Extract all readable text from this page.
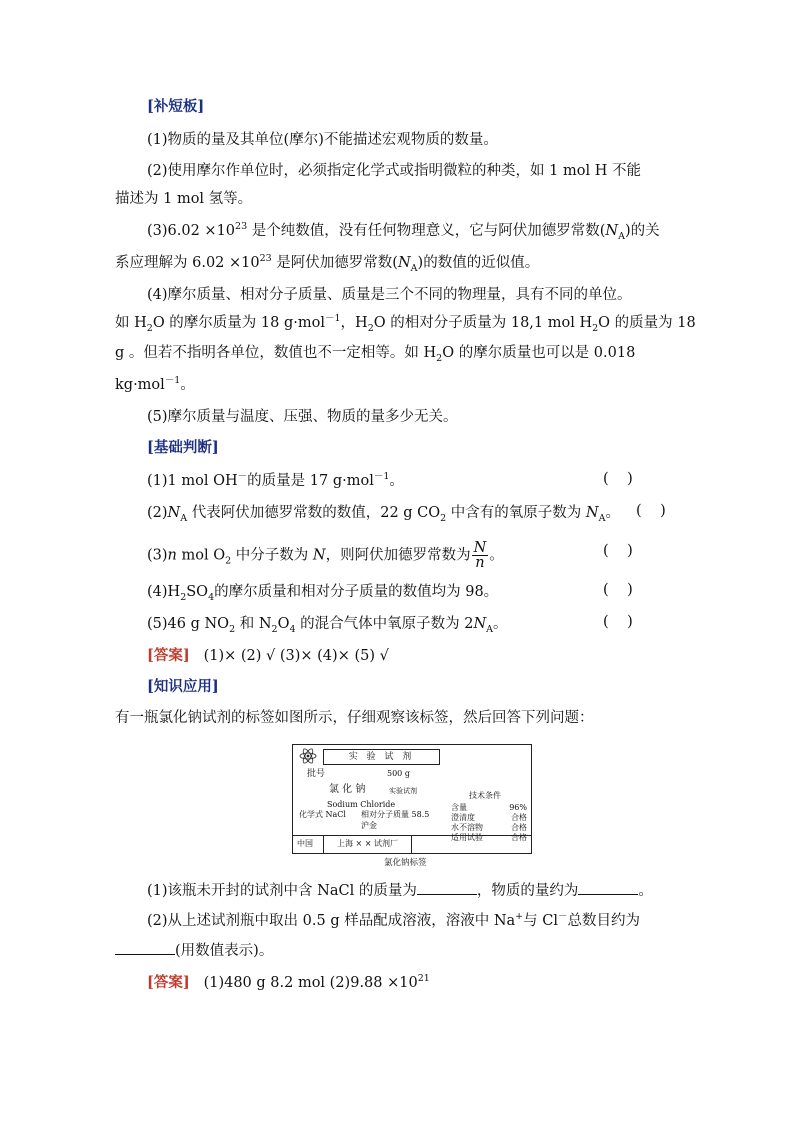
[补短板]
(1)物质的量及其单位(摩尔)不能描述宏观物质的数量。
(2)使用摩尔作单位时，必须指定化学式或指明微粒的种类，如 1 mol H 不能
描述为 1 mol 氢等。
$(3)6.02 \times 10^{23}$ 是个纯数值，没有任何物理意义，它与阿伏加德罗常数$(N_A)$的关
系应理解为 $6.02 \times 10^{23}$ 是阿伏加德罗常数$(N_A)$的数值的近似值。
(4)摩尔质量、相对分子质量、质量是三个不同的物理量，具有不同的单位。
如 $H_2O$ 的摩尔质量为 18 g·mol$^{-1}$，$H_2O$ 的相对分子质量为 18,1 mol $H_2O$ 的质量为 18
g 。但若不指明各单位，数值也不一定相等。如 $H_2O$ 的摩尔质量也可以是 0.018
kg·mol$^{-1}$。
(5)摩尔质量与温度、压强、物质的量多少无关。
[基础判断]
(1)1 mol OH－的质量是 17 g·mol$^{-1}$。	(    )
$(2)N_A$ 代表阿伏加德罗常数的数值，22 g $CO_2$ 中含有的氧原子数为 $N_A$。 (    )
(3)n mol $O_2$ 中分子数为 N，则阿伏加德罗常数为 $\frac{N}{n}$ 。	(    )
$(4)H_2SO_4$的摩尔质量和相对分子质量的数值均为 98。	(    )
(5)46 g $NO_2$ 和 $N_2O_4$ 的混合气体中氧原子数为 $2N_A$。	(    )
[答案] (1)× (2) √ (3)× (4)× (5) √
[知识应用]
有一瓶氯化钠试剂的标签如图所示，仔细观察该标签，然后回答下列问题：
实 验 试 剂
批号	500 g
氯 化 钠	实验试剂
Sodium Chloride
化学式 NaCl 相对分子质量 58.5
沪金
技术条件
含量	96%
澄清度	合格
水不溶物	合格
适用试验	合格
中国	上海 × × 试剂厂
氯化钠标签
(1)该瓶未开封的试剂中含 NaCl 的质量为	，物质的量约为	。
(2)从上述试剂瓶中取出 0.5 g 样品配成溶液，溶液中 Na+与 Cl－总数目约为
(用数值表示)。
[答案] (1)480 g 8.2 mol $(2)9.88 \times 10^{21}$
